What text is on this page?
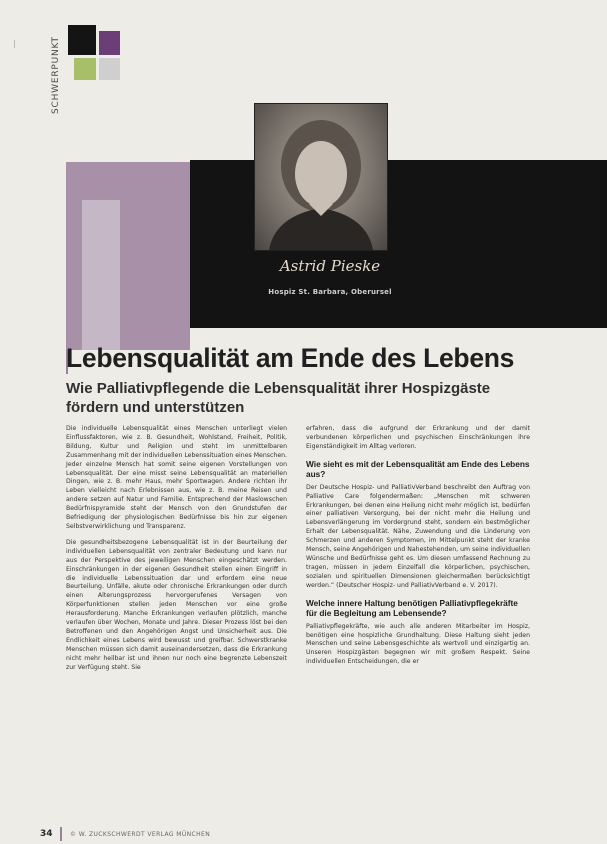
SCHWERPUNKT
Astrid Pieske
Hospiz St. Barbara, Oberursel
Lebensqualität am Ende des Lebens
Wie Palliativpflegende die Lebensqualität ihrer Hospizgäste fördern und unterstützen

Die individuelle Lebensqualität eines Menschen unterliegt vielen Einflussfaktoren, wie z. B. Gesundheit, Wohlstand, Freiheit, Politik, Bildung, Kultur und Religion und steht im unmittelbaren Zusammenhang mit der individuellen Lebenssituation eines Menschen. Jeder einzelne Mensch hat somit seine eigenen Vorstellungen von Lebensqualität. Der eine misst seine Lebensqualität an materiellen Dingen, wie z. B. mehr Haus, mehr Sportwagen. Andere richten ihr Leben vielleicht nach Erlebnissen aus, wie z. B. meine Reisen und andere setzen auf Natur und Familie. Entsprechend der Maslowschen Bedürfnispyramide steht der Mensch von den Grundstufen der Befriedigung der physiologischen Bedürfnisse bis hin zur eigenen Selbstverwirklichung und Transparenz.

Die gesundheitsbezogene Lebensqualität ist in der Beurteilung der individuellen Lebensqualität von zentraler Bedeutung und kann nur aus der Perspektive des jeweiligen Menschen eingeschätzt werden. Einschränkungen in der eigenen Gesundheit stellen einen Eingriff in die individuelle Lebenssituation dar und erfordern eine neue Beurteilung. Unfälle, akute oder chronische Erkrankungen oder durch einen Alterungsprozess hervorgerufenes Versagen von Körperfunktionen stellen jeden Menschen vor eine große Herausforderung. Manche Erkrankungen verlaufen plötzlich, manche verlaufen über Wochen, Monate und Jahre. Dieser Prozess löst bei den Betroffenen und den Angehörigen Angst und Unsicherheit aus. Die Endlichkeit eines Lebens wird bewusst und greifbar. Schwerstkranke Menschen müssen sich damit auseinandersetzen, dass die Erkrankung nicht mehr heilbar ist und ihnen nur noch eine begrenzte Lebenszeit zur Verfügung steht. Sie

erfahren, dass die aufgrund der Erkrankung und der damit verbundenen körperlichen und psychischen Einschränkungen ihre Eigenständigkeit im Alltag verloren.

Wie sieht es mit der Lebensqualität am Ende des Lebens aus?

Der Deutsche Hospiz- und PalliativVerband beschreibt den Auftrag von Palliative Care folgendermaßen: „Menschen mit schweren Erkrankungen, bei denen eine Heilung nicht mehr möglich ist, bedürfen einer palliativen Versorgung, bei der nicht mehr die Heilung und Lebensverlängerung im Vordergrund steht, sondern ein bestmöglicher Erhalt der Lebensqualität. Nähe, Zuwendung und die Linderung von Schmerzen und anderen Symptomen, im Mittelpunkt steht der kranke Mensch, seine Angehörigen und Nahestehenden, um seine individuellen Wünsche und Bedürfnisse geht es. Um diesen umfassend Rechnung zu tragen, müssen in jedem Einzelfall die körperlichen, psychischen, sozialen und spirituellen Dimensionen gleichermaßen berücksichtigt werden.“ (Deutscher Hospiz- und PalliativVerband e. V. 2017).

Welche innere Haltung benötigen Palliativpflegekräfte für die Begleitung am Lebensende?

Palliativpflegekräfte, wie auch alle anderen Mitarbeiter im Hospiz, benötigen eine hospizliche Grundhaltung. Diese Haltung sieht jeden Menschen und seine Lebensgeschichte als wertvoll und einzigartig an. Unseren Hospizgästen begegnen wir mit großem Respekt. Seine individuellen Entscheidungen, die er

34	© W. ZUCKSCHWERDT VERLAG MÜNCHEN
